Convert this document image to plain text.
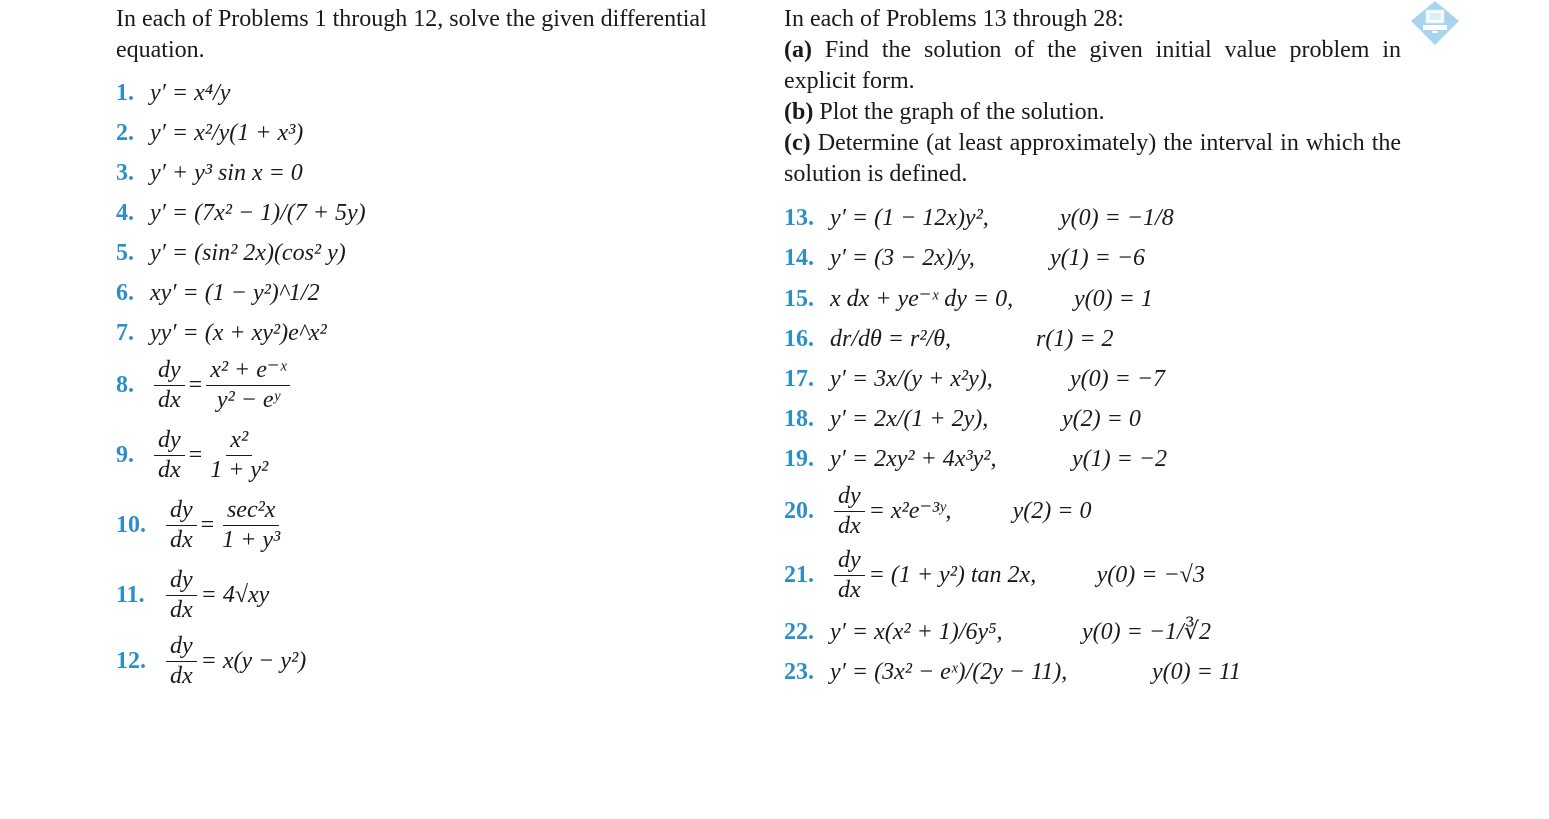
In each of Problems 1 through 12, solve the given differential equation.

In each of Problems 13 through 28:

(a) Find the solution of the given initial value problem in explicit form.

(b) Plot the graph of the solution.

(c) Determine (at least approximately) the interval in which the solution is defined.

1. y′ = x⁴/y
2. y′ = x²/y(1 + x³)
3. y′ + y³ sin x = 0
4. y′ = (7x² − 1)/(7 + 5y)
5. y′ = (sin² 2x)(cos² y)
6. xy′ = (1 − y²)^1/2
7. yy′ = (x + xy²)e^x²
8. $\frac{dy}{dx} = \frac{\text{x² + e⁻ˣ}}{\text{y² − eʸ}}$
9. $\frac{dy}{dx} = \frac{\text{x²}}{\text{1 + y²}}$
10. $\frac{dy}{dx} = \frac{\text{sec²x}}{\text{1 + y³}}$
11. $\frac{dy}{dx} = 4√xy$
12. $\frac{dy}{dx} = x(y - y^2)$
13. y′ = (1 − 12x)y²,	y(0) = −1/8
14. y′ = (3 − 2x)/y,	y(1) = −6
15. x dx + ye⁻ˣ dy = 0,	y(0) = 1
16. dr/dθ = r²/θ,	r(1) = 2
17. y′ = 3x/(y + x²y),	y(0) = −7
18. y′ = 2x/(1 + 2y),	y(2) = 0
19. y′ = 2xy² + 4x³y²,	y(1) = −2
20. $\frac{dy}{dx}$ = x²e⁻³ʸ,	y(2) = 0
21. $\frac{dy}{dx} = (1 + y^2)$ tan 2x,	y(0) = −√3
22. y′ = x(x² + 1)/6y⁵,	y(0) = −1/∛2
23. y′ = (3x² − eˣ)/(2y − 11),	y(0) = 11
